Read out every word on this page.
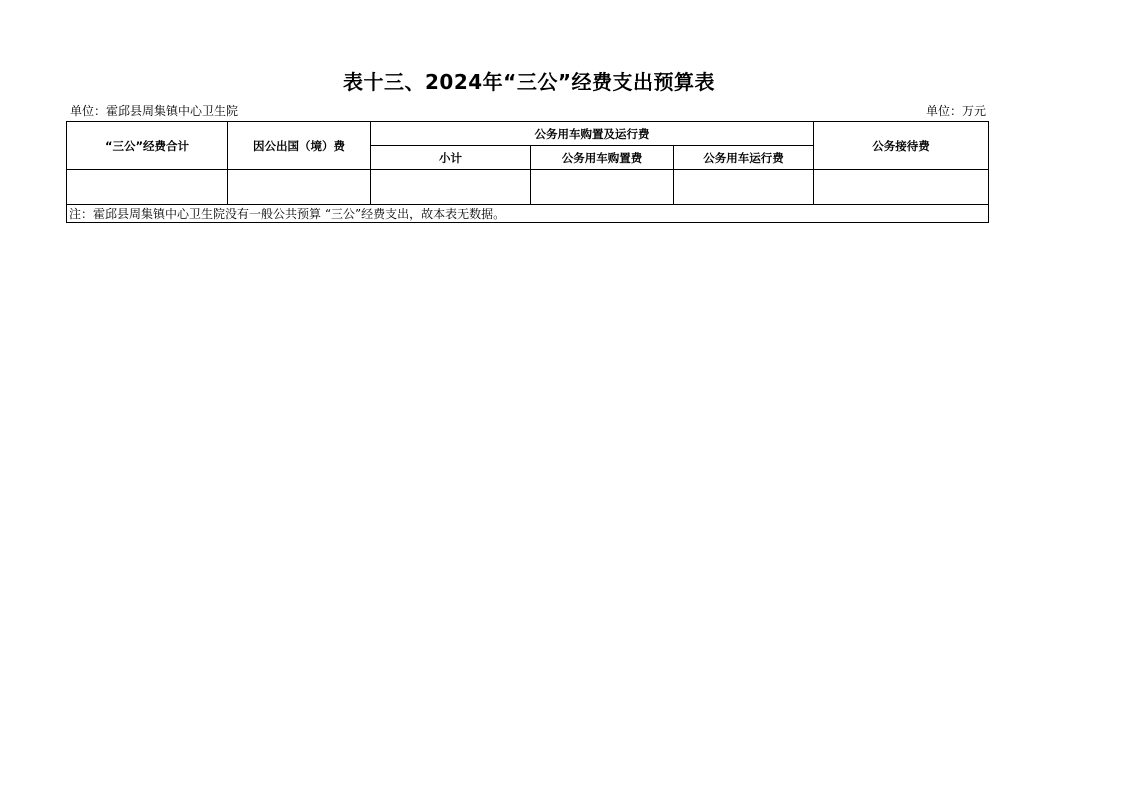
表十三、2024年“三公”经费支出预算表
单位：霍邱县周集镇中心卫生院	单位：万元
“三公”经费合计	因公出国（境）费	公务用车购置及运行费			公务接待费
		小计	公务用车购置费	公务用车运行费	

注：霍邱县周集镇中心卫生院没有一般公共预算 “三公”经费支出，故本表无数据。					
